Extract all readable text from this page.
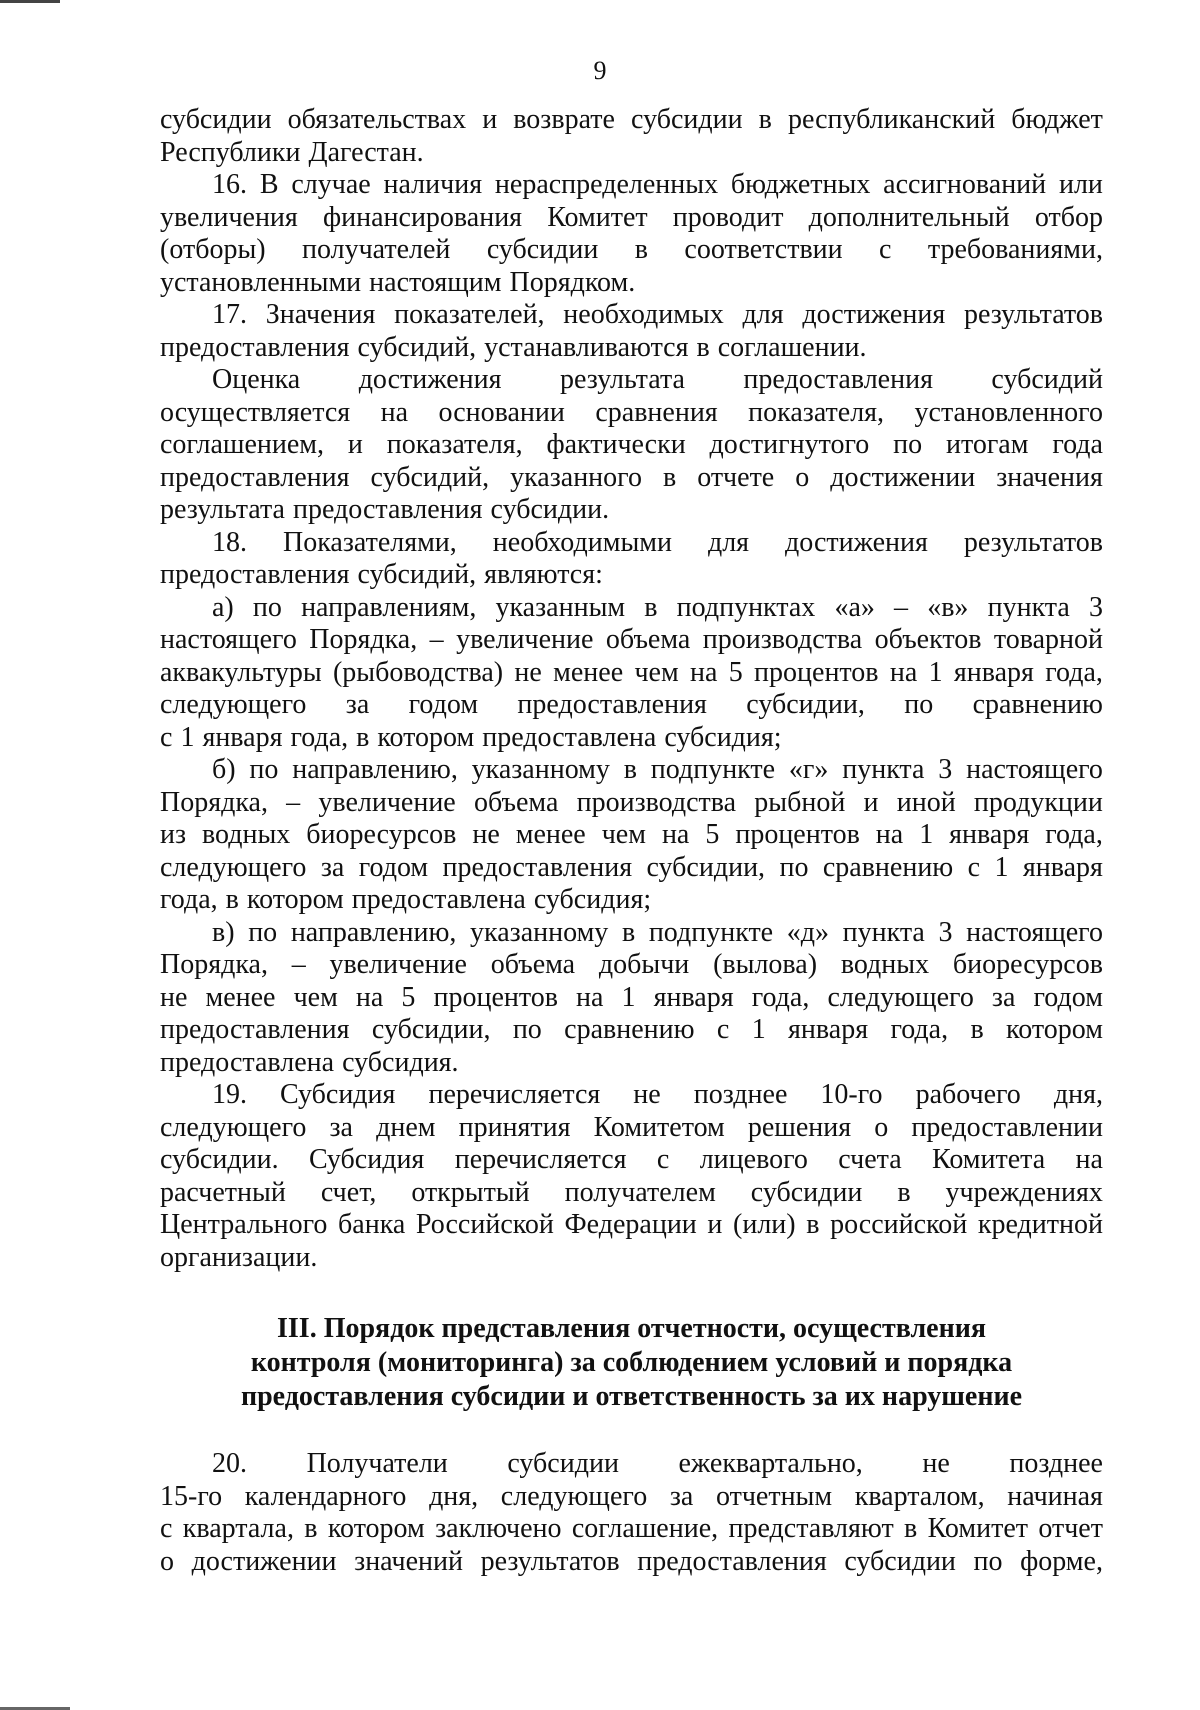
9
субсидии обязательствах и возврате субсидии в республиканский бюджет
Республики Дагестан.
16. В случае наличия нераспределенных бюджетных ассигнований или
увеличения финансирования Комитет проводит дополнительный отбор
(отборы) получателей субсидии в соответствии с требованиями,
установленными настоящим Порядком.
17. Значения показателей, необходимых для достижения результатов
предоставления субсидий, устанавливаются в соглашении.
Оценка достижения результата предоставления субсидий
осуществляется на основании сравнения показателя, установленного
соглашением, и показателя, фактически достигнутого по итогам года
предоставления субсидий, указанного в отчете о достижении значения
результата предоставления субсидии.
18. Показателями, необходимыми для достижения результатов
предоставления субсидий, являются:
а) по направлениям, указанным в подпунктах «а» – «в» пункта 3
настоящего Порядка, – увеличение объема производства объектов товарной
аквакультуры (рыбоводства) не менее чем на 5 процентов на 1 января года,
следующего за годом предоставления субсидии, по сравнению
с 1 января года, в котором предоставлена субсидия;
б) по направлению, указанному в подпункте «г» пункта 3 настоящего
Порядка, – увеличение объема производства рыбной и иной продукции
из водных биоресурсов не менее чем на 5 процентов на 1 января года,
следующего за годом предоставления субсидии, по сравнению с 1 января
года, в котором предоставлена субсидия;
в) по направлению, указанному в подпункте «д» пункта 3 настоящего
Порядка, – увеличение объема добычи (вылова) водных биоресурсов
не менее чем на 5 процентов на 1 января года, следующего за годом
предоставления субсидии, по сравнению с 1 января года, в котором
предоставлена субсидия.
19. Субсидия перечисляется не позднее 10-го рабочего дня,
следующего за днем принятия Комитетом решения о предоставлении
субсидии. Субсидия перечисляется с лицевого счета Комитета на
расчетный счет, открытый получателем субсидии в учреждениях
Центрального банка Российской Федерации и (или) в российской кредитной
организации.
III. Порядок представления отчетности, осуществления
контроля (мониторинга) за соблюдением условий и порядка
предоставления субсидии и ответственность за их нарушение
20. Получатели субсидии ежеквартально, не позднее
15-го календарного дня, следующего за отчетным кварталом, начиная
с квартала, в котором заключено соглашение, представляют в Комитет отчет
о достижении значений результатов предоставления субсидии по форме,
